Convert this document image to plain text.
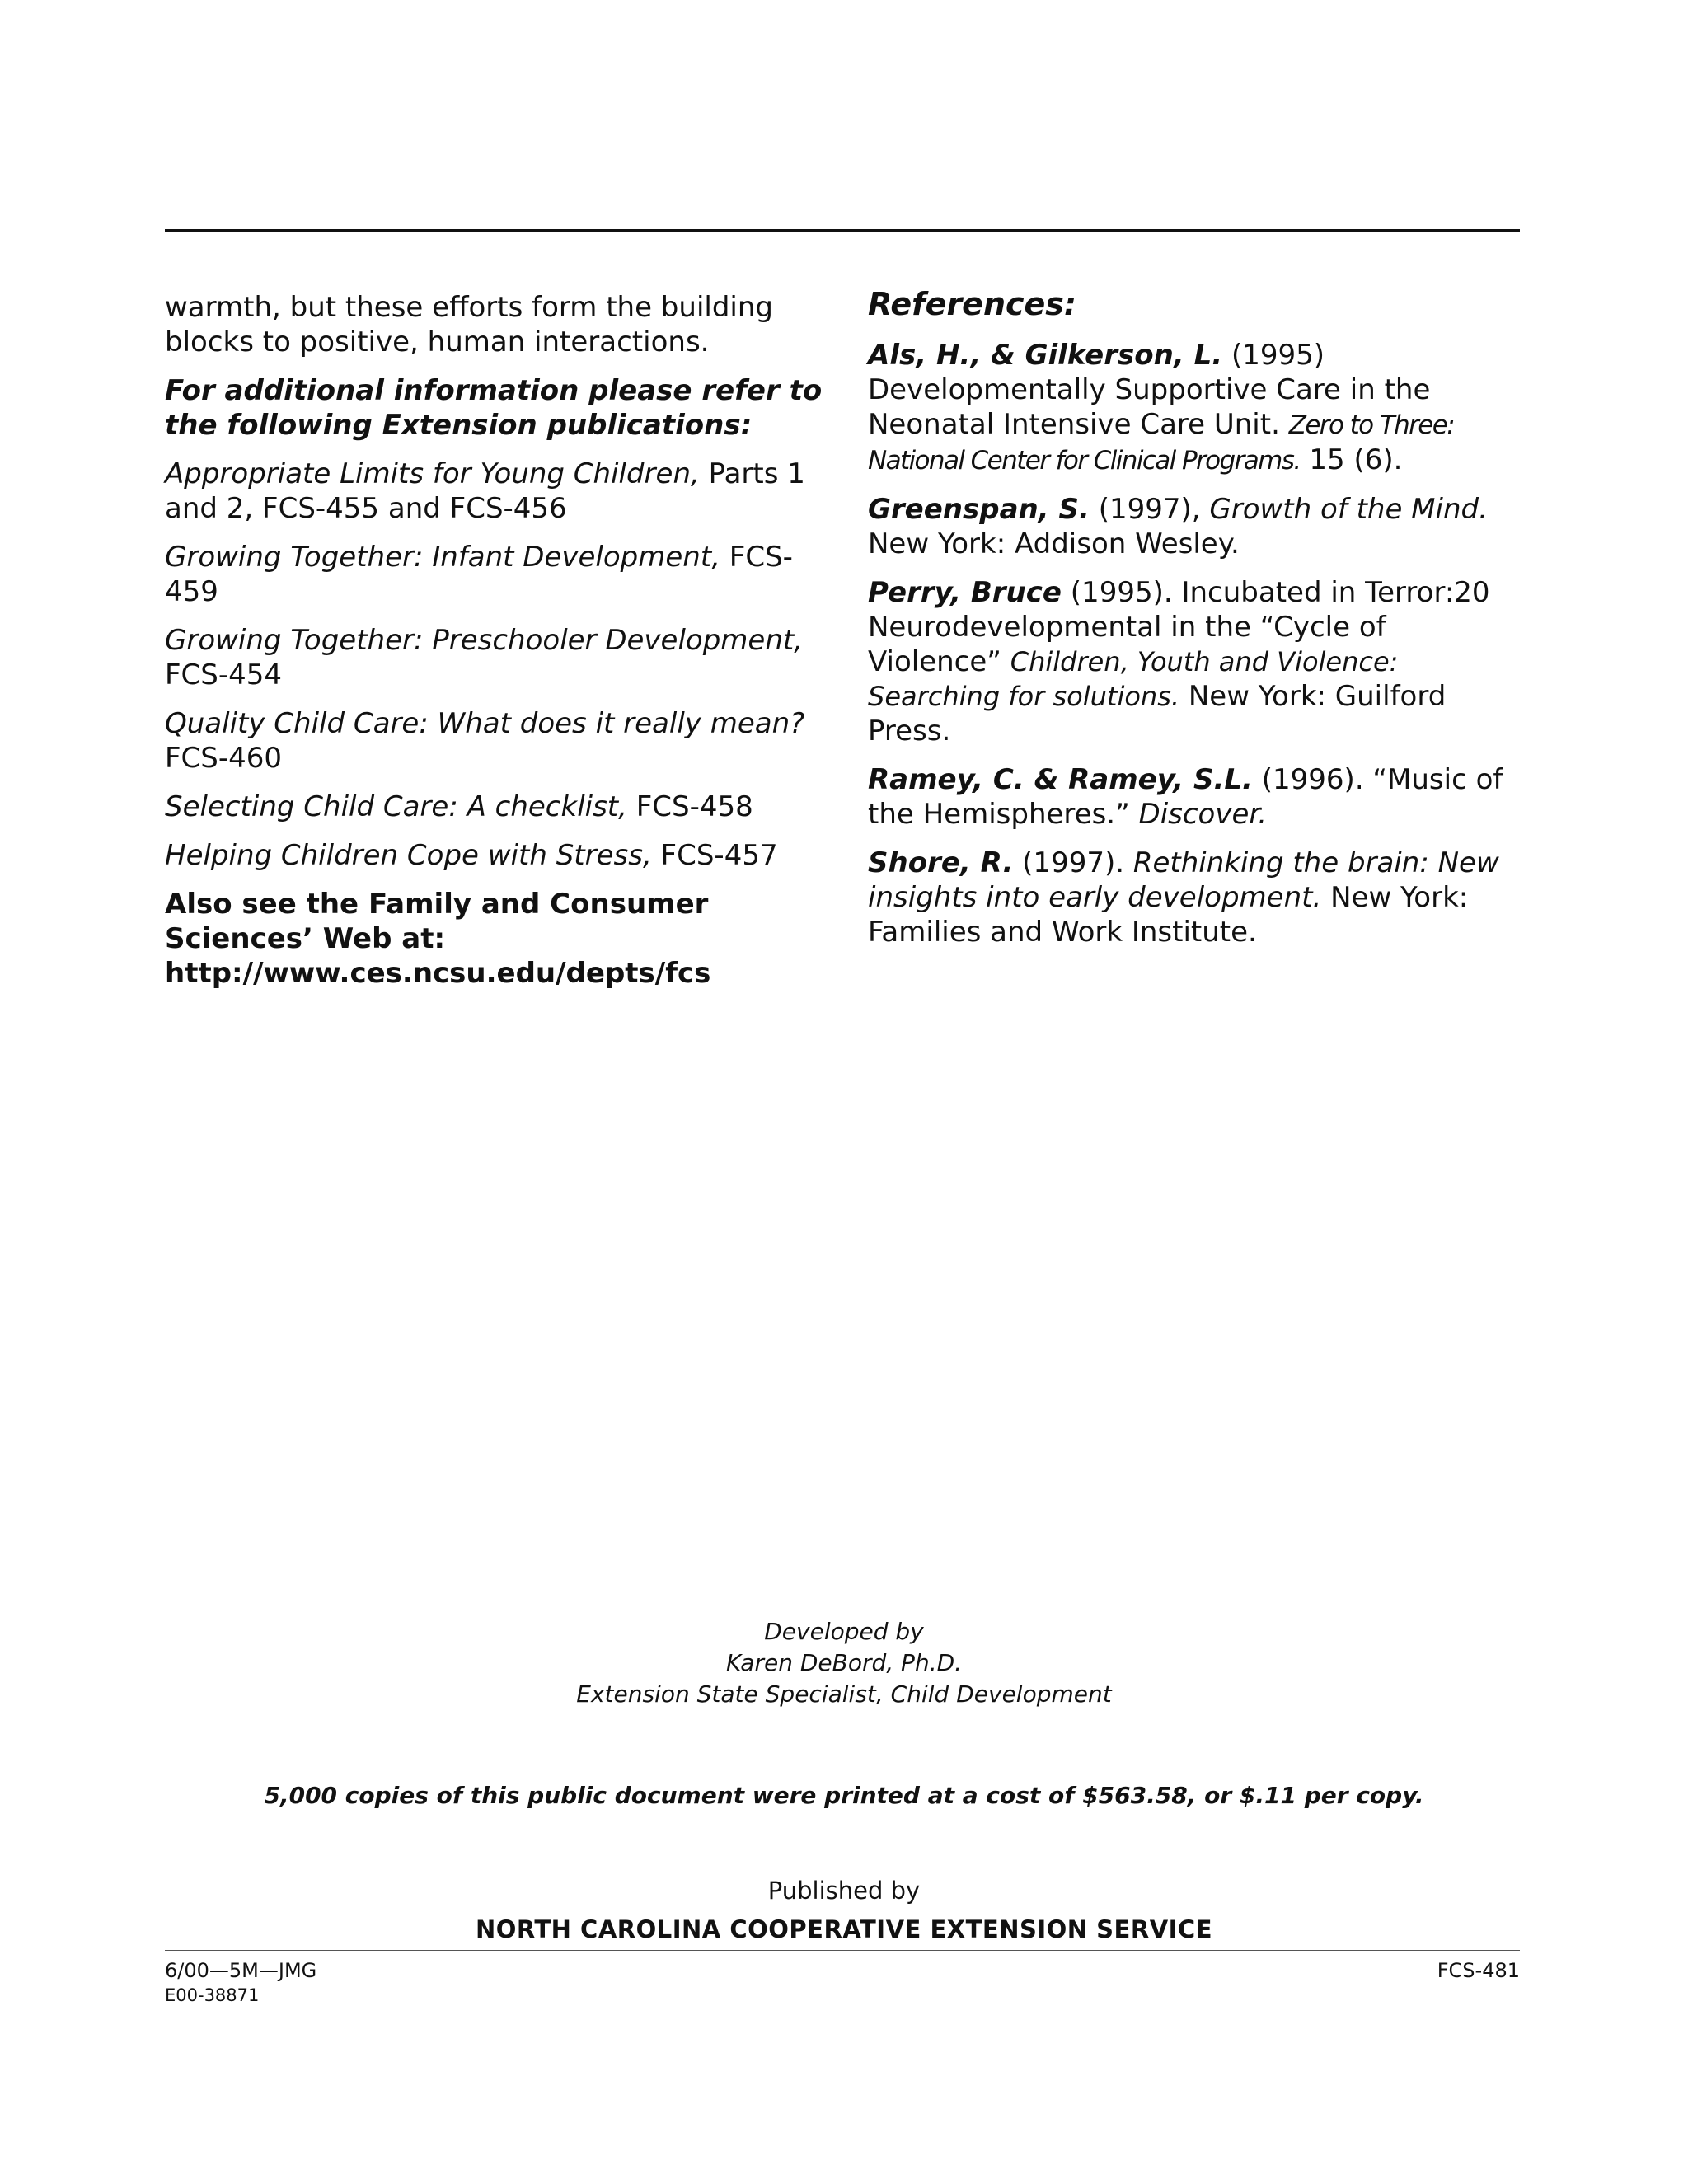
warmth, but these efforts form the building blocks to positive, human interactions.

For additional information please refer to the following Extension publications:

Appropriate Limits for Young Children, Parts 1 and 2, FCS-455 and FCS-456

Growing Together: Infant Development, FCS-459

Growing Together: Preschooler Development,
FCS-454

Quality Child Care: What does it really mean?
FCS-460

Selecting Child Care: A checklist, FCS-458

Helping Children Cope with Stress, FCS-457

Also see the Family and Consumer Sciences’ Web at: http://www.ces.ncsu.edu/depts/fcs

References:

Als, H., & Gilkerson, L. (1995) Developmentally Supportive Care in the Neonatal Intensive Care Unit. Zero to Three: National Center for Clinical Programs. 15 (6).

Greenspan, S. (1997), Growth of the Mind. New York: Addison Wesley.

Perry, Bruce (1995). Incubated in Terror:20 Neurodevelopmental in the “Cycle of Violence” Children, Youth and Violence: Searching for solutions. New York: Guilford Press.

Ramey, C. & Ramey, S.L. (1996). “Music of the Hemispheres.” Discover.

Shore, R. (1997). Rethinking the brain: New insights into early development. New York: Families and Work Institute.

Developed by
Karen DeBord, Ph.D.
Extension State Specialist, Child Development
5,000 copies of this public document were printed at a cost of $563.58, or $.11 per copy.
Published by
NORTH CAROLINA COOPERATIVE EXTENSION SERVICE
6/00—5M—JMG
E00-38871
FCS-481
